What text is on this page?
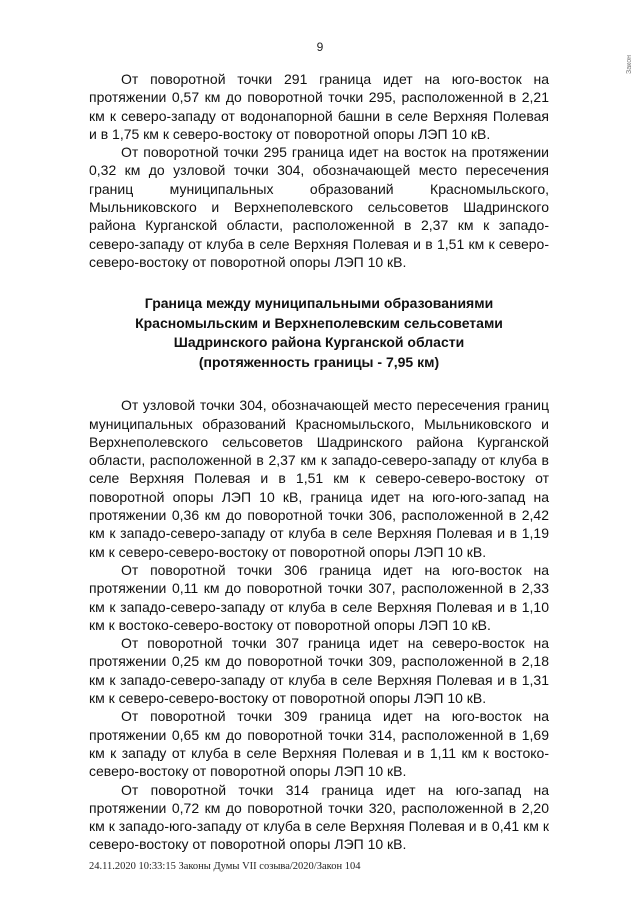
Закон
9

От поворотной точки 291 граница идет на юго-восток на протяжении 0,57 км до поворотной точки 295, расположенной в 2,21 км к северо-западу от водонапорной башни в селе Верхняя Полевая и в 1,75 км к северо-востоку от поворотной опоры ЛЭП 10 кВ.

От поворотной точки 295 граница идет на восток на протяжении 0,32 км до узловой точки 304, обозначающей место пересечения границ муниципальных образований Красномыльского, Мыльниковского и Верхнеполевского сельсоветов Шадринского района Курганской области, расположенной в 2,37 км к западо-северо-западу от клуба в селе Верхняя Полевая и в 1,51 км к северо-северо-востоку от поворотной опоры ЛЭП 10 кВ.

Граница между муниципальными образованиями
Красномыльским и Верхнеполевским сельсоветами
Шадринского района Курганской области
(протяженность границы - 7,95 км)

От узловой точки 304, обозначающей место пересечения границ муниципальных образований Красномыльского, Мыльниковского и Верхнеполевского сельсоветов Шадринского района Курганской области, расположенной в 2,37 км к западо-северо-западу от клуба в селе Верхняя Полевая и в 1,51 км к северо-северо-востоку от поворотной опоры ЛЭП 10 кВ, граница идет на юго-юго-запад на протяжении 0,36 км до поворотной точки 306, расположенной в 2,42 км к западо-северо-западу от клуба в селе Верхняя Полевая и в 1,19 км к северо-северо-востоку от поворотной опоры ЛЭП 10 кВ.

От поворотной точки 306 граница идет на юго-восток на протяжении 0,11 км до поворотной точки 307, расположенной в 2,33 км к западо-северо-западу от клуба в селе Верхняя Полевая и в 1,10 км к востоко-северо-востоку от поворотной опоры ЛЭП 10 кВ.

От поворотной точки 307 граница идет на северо-восток на протяжении 0,25 км до поворотной точки 309, расположенной в 2,18 км к западо-северо-западу от клуба в селе Верхняя Полевая и в 1,31 км к северо-северо-востоку от поворотной опоры ЛЭП 10 кВ.

От поворотной точки 309 граница идет на юго-восток на протяжении 0,65 км до поворотной точки 314, расположенной в 1,69 км к западу от клуба в селе Верхняя Полевая и в 1,11 км к востоко-северо-востоку от поворотной опоры ЛЭП 10 кВ.

От поворотной точки 314 граница идет на юго-запад на протяжении 0,72 км до поворотной точки 320, расположенной в 2,20 км к западо-юго-западу от клуба в селе Верхняя Полевая и в 0,41 км к северо-востоку от поворотной опоры ЛЭП 10 кВ.

24.11.2020 10:33:15 Законы Думы VII созыва/2020/Закон 104
